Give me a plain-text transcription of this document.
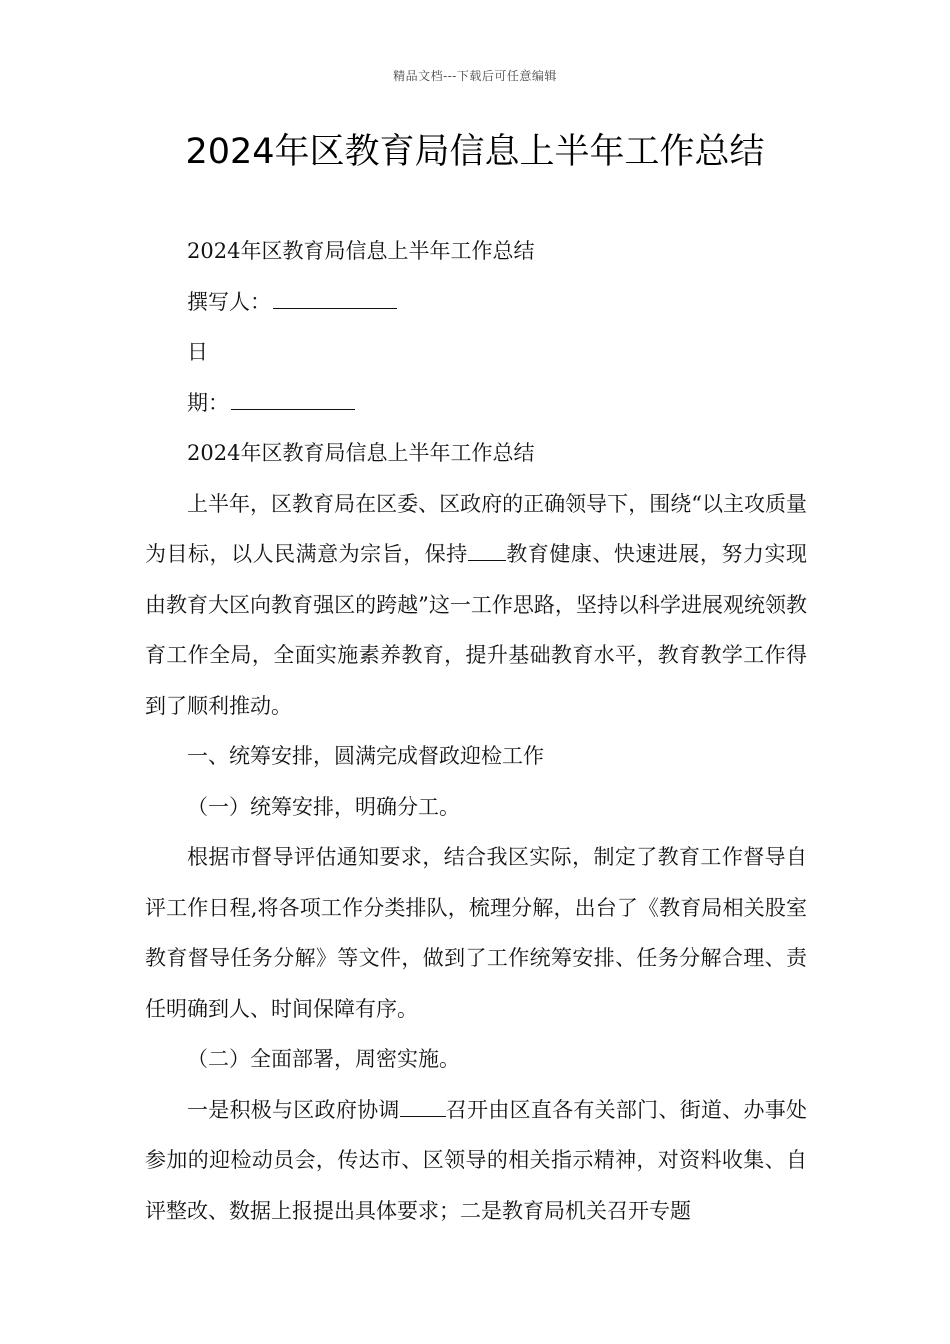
精品文档---下载后可任意编辑
2024年区教育局信息上半年工作总结

2024年区教育局信息上半年工作总结

撰写人：

日

期：

2024年区教育局信息上半年工作总结

上半年，区教育局在区委、区政府的正确领导下，围绕“以主攻质量为目标，以人民满意为宗旨，保持 教育健康、快速进展，努力实现由教育大区向教育强区的跨越”这一工作思路，坚持以科学进展观统领教育工作全局，全面实施素养教育，提升基础教育水平，教育教学工作得到了顺利推动。

一、统筹安排，圆满完成督政迎检工作

（一）统筹安排，明确分工。

根据市督导评估通知要求，结合我区实际，制定了教育工作督导自评工作日程,将各项工作分类排队，梳理分解，出台了《教育局相关股室教育督导任务分解》等文件，做到了工作统筹安排、任务分解合理、责任明确到人、时间保障有序。

（二）全面部署，周密实施。

一是积极与区政府协调 召开由区直各有关部门、街道、办事处参加的迎检动员会，传达市、区领导的相关指示精神，对资料收集、自评整改、数据上报提出具体要求；二是教育局机关召开专题
